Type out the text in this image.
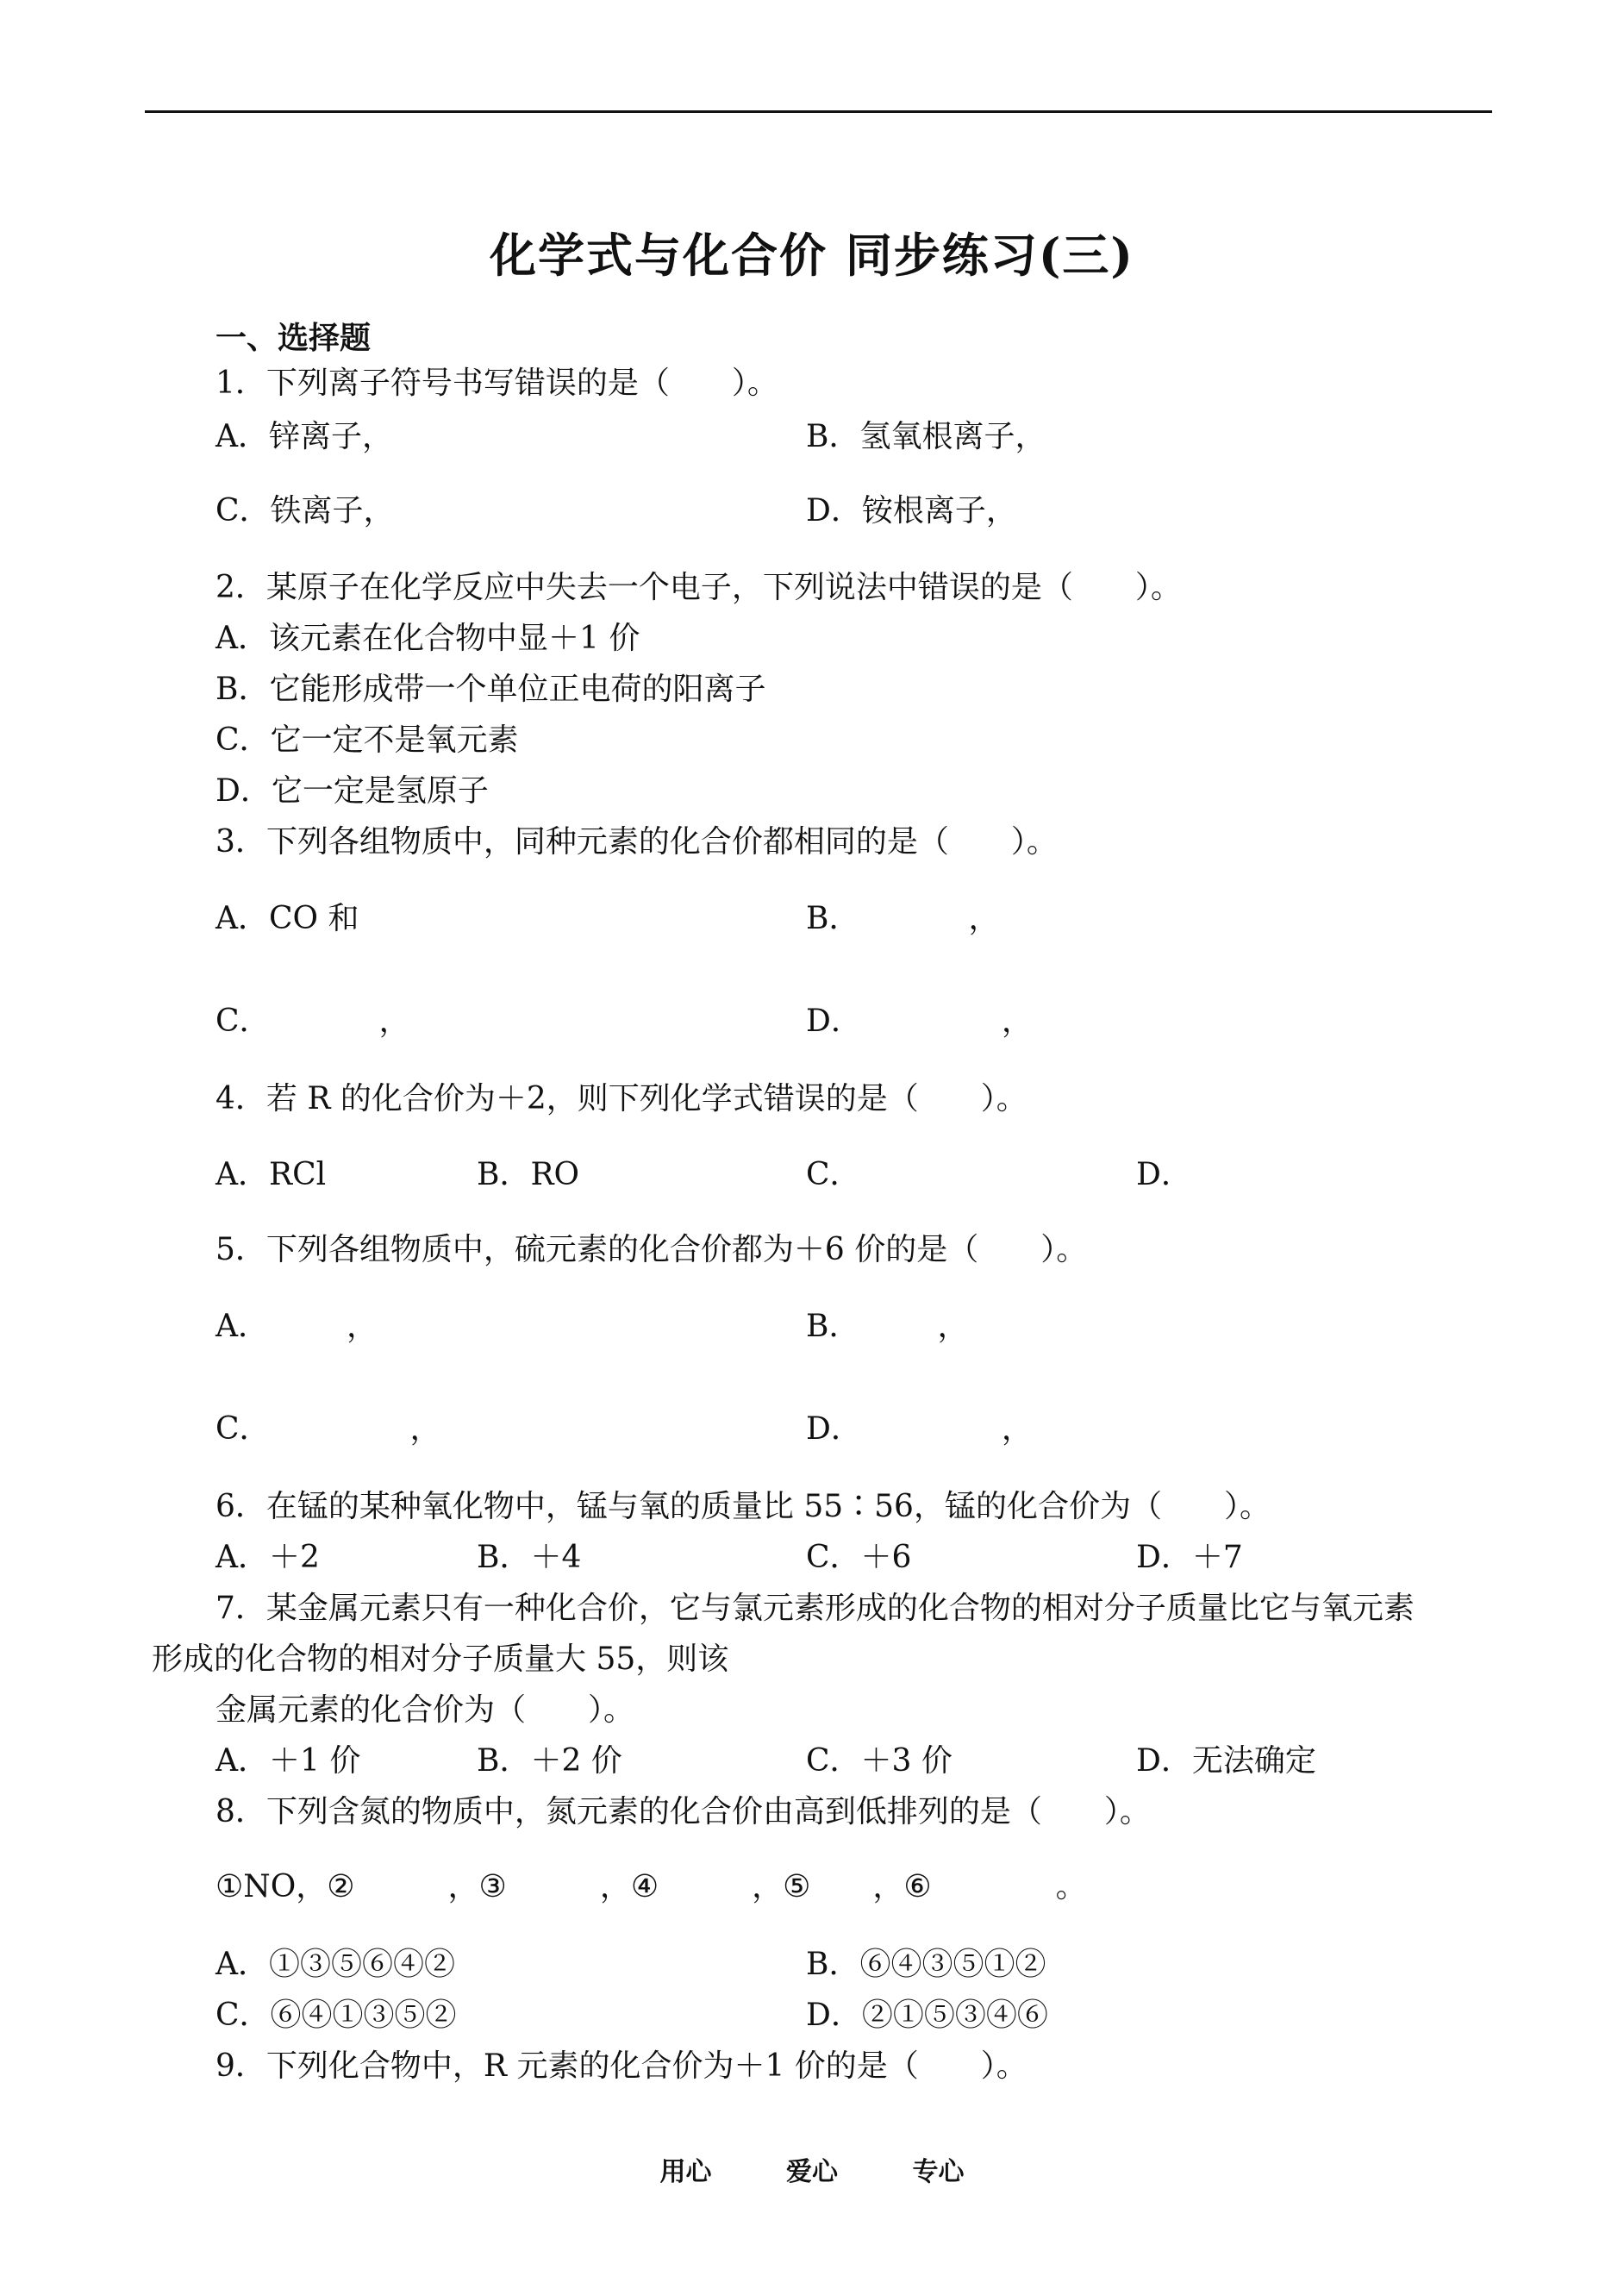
化学式与化合价 同步练习(三)
一、选择题
1．下列离子符号书写错误的是（　　）。
A．锌离子，	B．氢氧根离子，
C．铁离子，	D．铵根离子，
2．某原子在化学反应中失去一个电子，下列说法中错误的是（　　）。
A．该元素在化合物中显＋1 价
B．它能形成带一个单位正电荷的阳离子
C．它一定不是氧元素
D．它一定是氢原子
3．下列各组物质中，同种元素的化合价都相同的是（　　）。
A．CO 和	B．　　　　，
C．　　　　，	D．　　　　　，
4．若 R 的化合价为＋2，则下列化学式错误的是（　　）。
A．RCl	B．RO	C．	D．
5．下列各组物质中，硫元素的化合价都为＋6 价的是（　　）。
A．　　　，	B．　　　，
C．　　　　　，	D．　　　　　，
6．在锰的某种氧化物中，锰与氧的质量比 55∶56，锰的化合价为（　　）。
A．＋2	B．＋4	C．＋6	D．＋7
7．某金属元素只有一种化合价，它与氯元素形成的化合物的相对分子质量比它与氧元素
形成的化合物的相对分子质量大 55，则该
金属元素的化合价为（　　）。
A．＋1 价	B．＋2 价	C．＋3 价	D．无法确定
8．下列含氮的物质中，氮元素的化合价由高到低排列的是（　　）。
①NO，②　　　，③　　　，④　　　，⑤　　，⑥　　　　。
A．①③⑤⑥④②	B．⑥④③⑤①②
C．⑥④①③⑤②	D．②①⑤③④⑥
9．下列化合物中，R 元素的化合价为＋1 价的是（　　）。
用心	爱心	专心
